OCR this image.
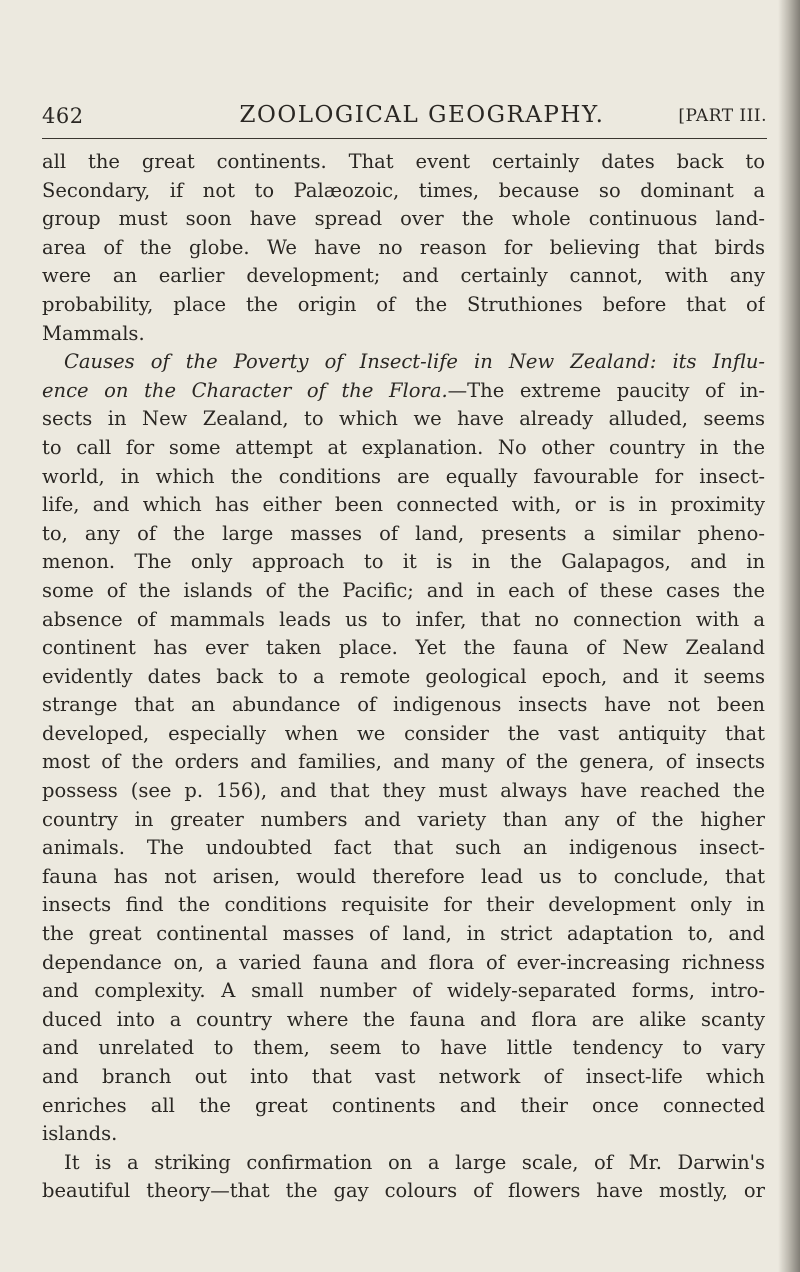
462	ZOOLOGICAL GEOGRAPHY.	[PART III.
all the great continents. That event certainly dates back to
Secondary, if not to Palæozoic, times, because so dominant a
group must soon have spread over the whole continuous land-
area of the globe. We have no reason for believing that birds
were an earlier development; and certainly cannot, with any
probability, place the origin of the Struthiones before that of
Mammals.
Causes of the Poverty of Insect-life in New Zealand: its Influ-
ence on the Character of the Flora.—The extreme paucity of in-
sects in New Zealand, to which we have already alluded, seems
to call for some attempt at explanation. No other country in the
world, in which the conditions are equally favourable for insect-
life, and which has either been connected with, or is in proximity
to, any of the large masses of land, presents a similar pheno-
menon. The only approach to it is in the Galapagos, and in
some of the islands of the Pacific; and in each of these cases the
absence of mammals leads us to infer, that no connection with a
continent has ever taken place. Yet the fauna of New Zealand
evidently dates back to a remote geological epoch, and it seems
strange that an abundance of indigenous insects have not been
developed, especially when we consider the vast antiquity that
most of the orders and families, and many of the genera, of insects
possess (see p. 156), and that they must always have reached the
country in greater numbers and variety than any of the higher
animals. The undoubted fact that such an indigenous insect-
fauna has not arisen, would therefore lead us to conclude, that
insects find the conditions requisite for their development only in
the great continental masses of land, in strict adaptation to, and
dependance on, a varied fauna and flora of ever-increasing richness
and complexity. A small number of widely-separated forms, intro-
duced into a country where the fauna and flora are alike scanty
and unrelated to them, seem to have little tendency to vary
and branch out into that vast network of insect-life which
enriches all the great continents and their once connected
islands.
It is a striking confirmation on a large scale, of Mr. Darwin's
beautiful theory—that the gay colours of flowers have mostly, or
